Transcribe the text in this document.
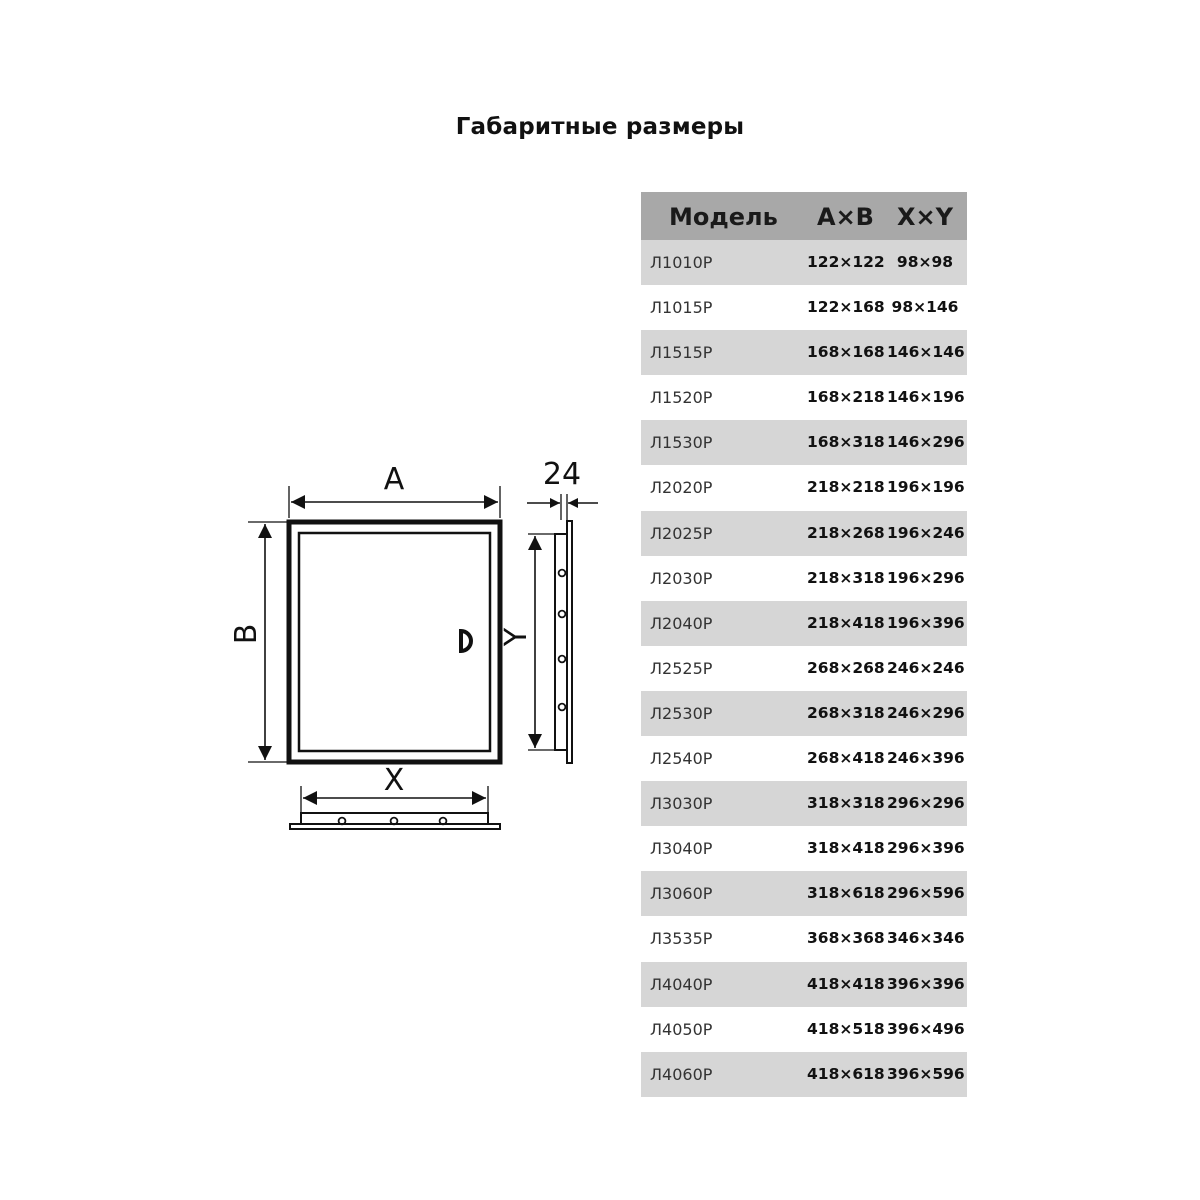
Габаритные размеры
A
B
X
Y
24
Модель A×B X×Y
Л1010Р	122×122 98×98
Л1015Р	122×168 98×146
Л1515Р	168×168 146×146
Л1520Р	168×218 146×196
Л1530Р	168×318 146×296
Л2020Р	218×218 196×196
Л2025Р	218×268 196×246
Л2030Р	218×318 196×296
Л2040Р	218×418 196×396
Л2525Р	268×268 246×246
Л2530Р	268×318 246×296
Л2540Р	268×418 246×396
Л3030Р	318×318 296×296
Л3040Р	318×418 296×396
Л3060Р	318×618 296×596
Л3535Р	368×368 346×346
Л4040Р	418×418 396×396
Л4050Р	418×518 396×496
Л4060Р	418×618 396×596
